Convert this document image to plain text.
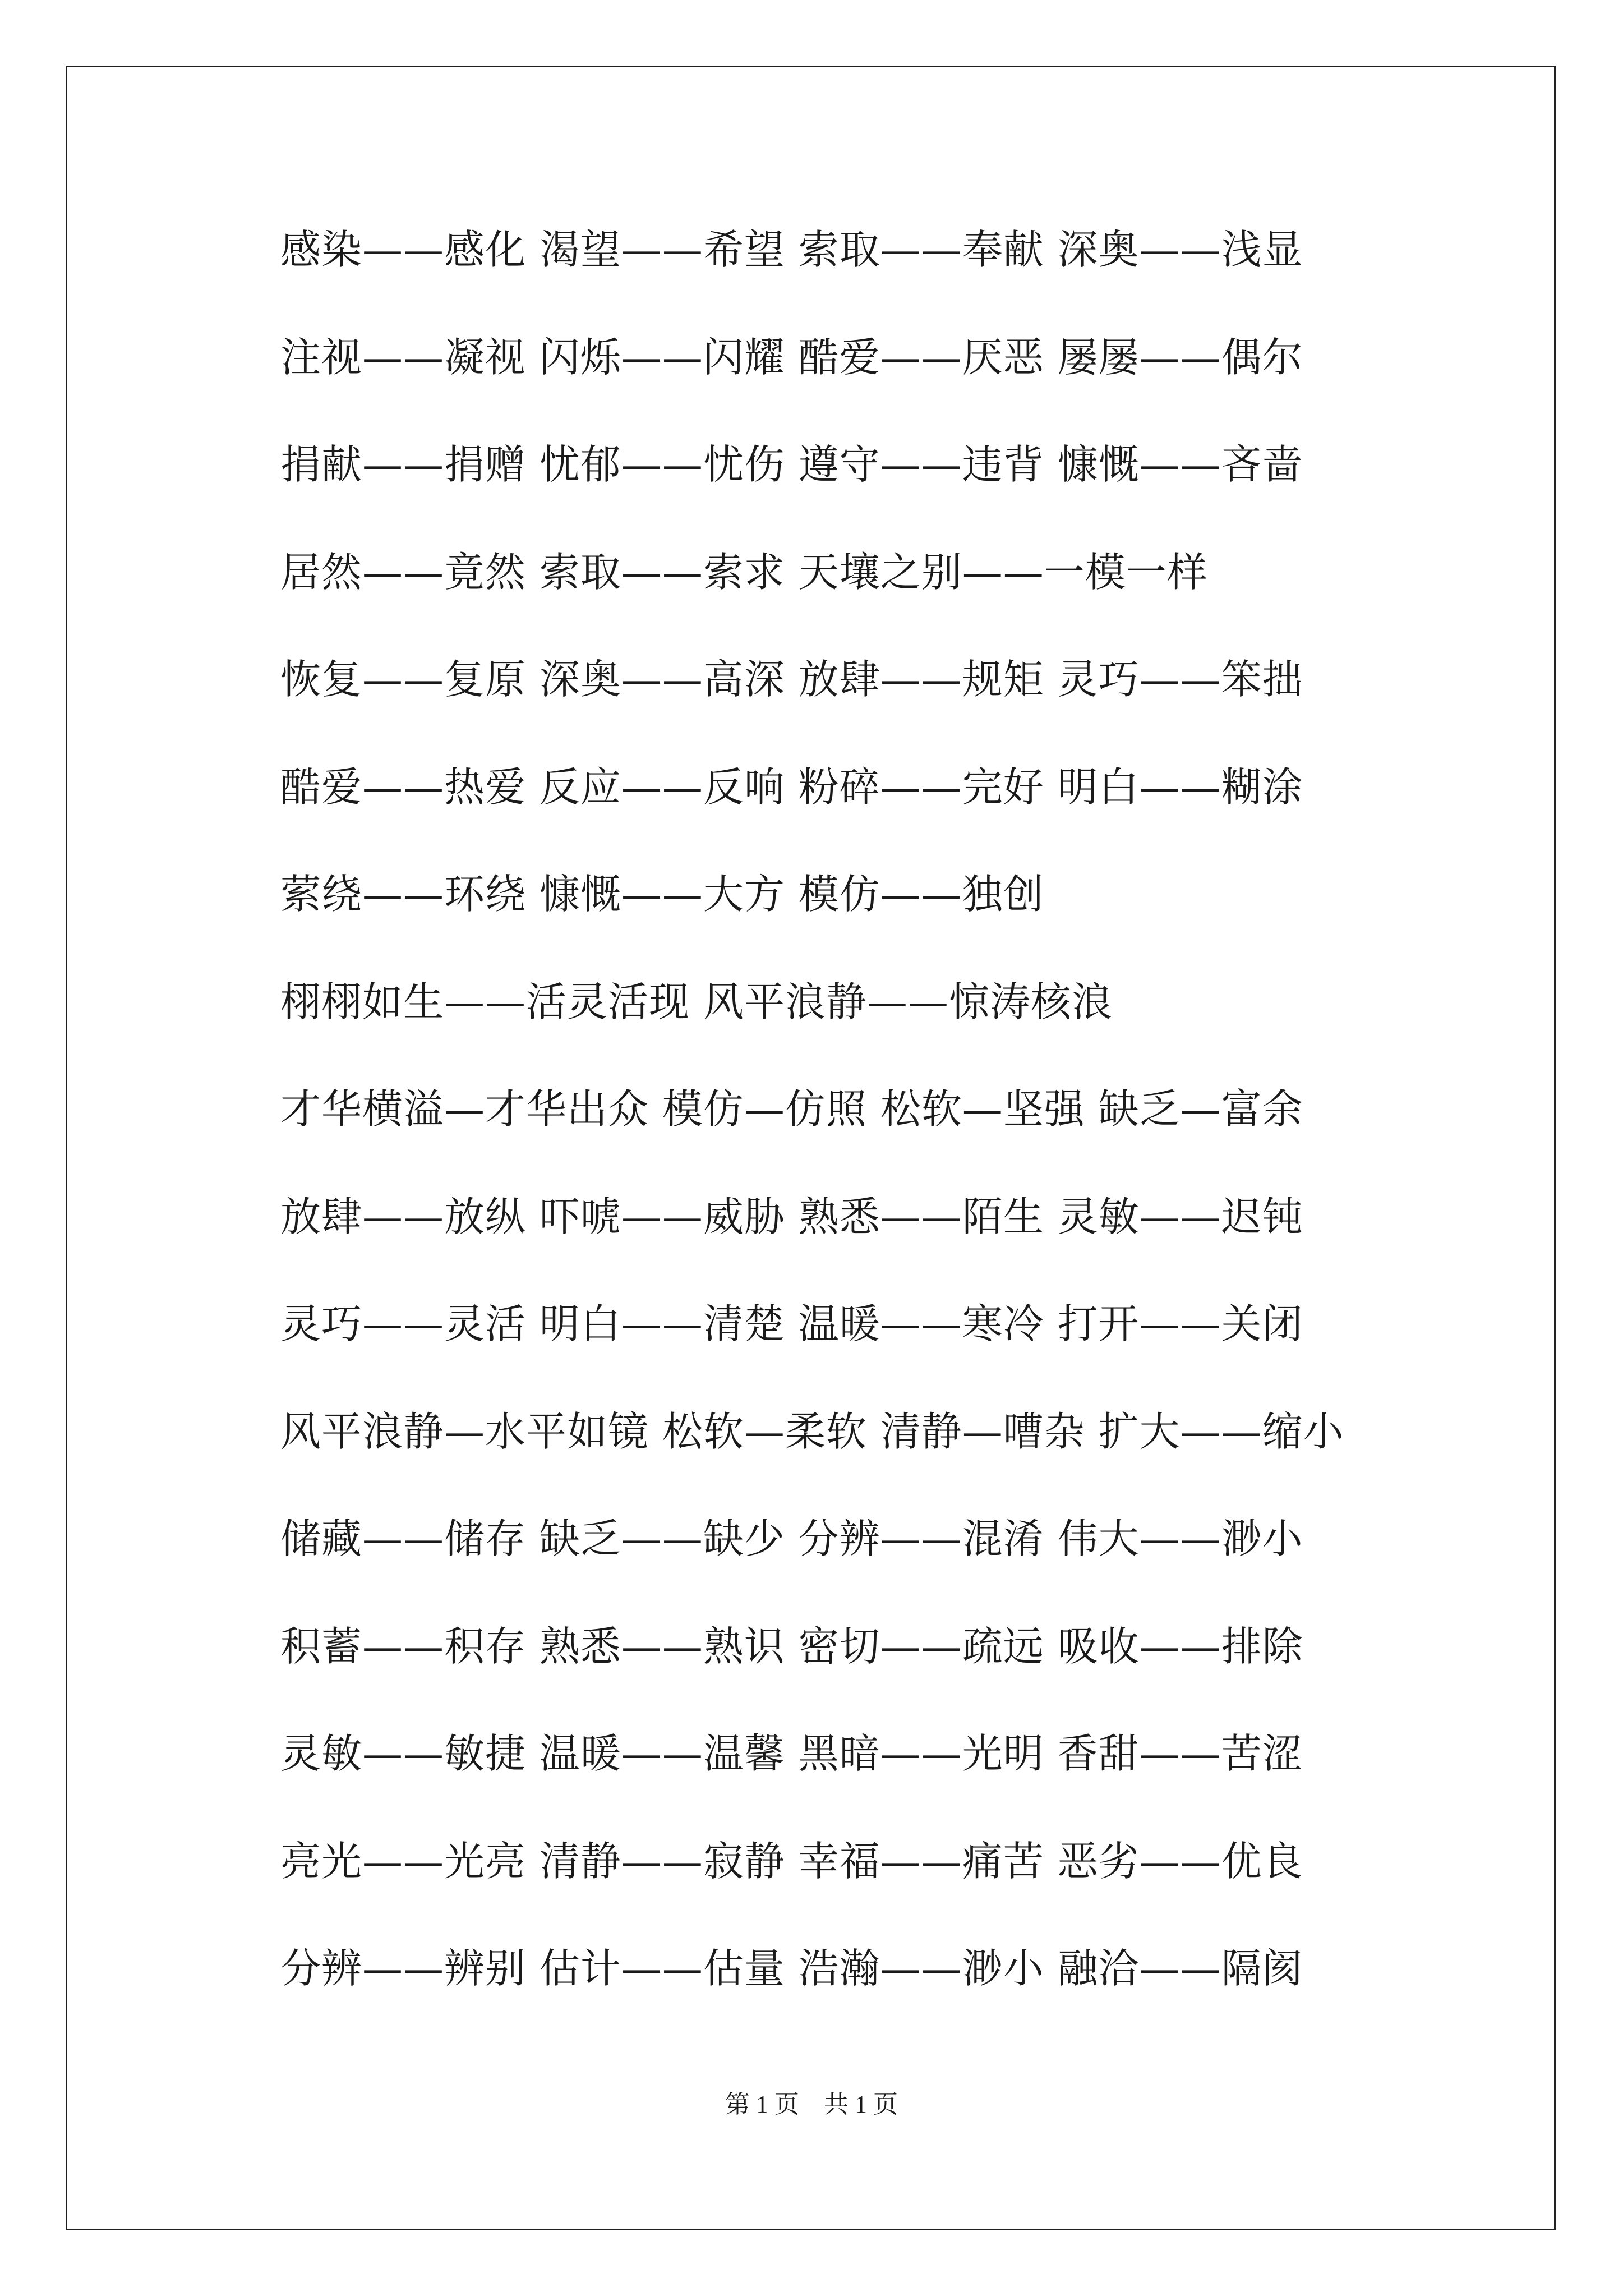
感染——感化 渴望——希望 索取——奉献 深奥——浅显
注视——凝视 闪烁——闪耀 酷爱——厌恶 屡屡——偶尔
捐献——捐赠 忧郁——忧伤 遵守——违背 慷慨——吝啬
居然——竟然 索取——索求 天壤之别——一模一样
恢复——复原 深奥——高深 放肆——规矩 灵巧——笨拙
酷爱——热爱 反应——反响 粉碎——完好 明白——糊涂
萦绕——环绕 慷慨——大方 模仿——独创
栩栩如生——活灵活现 风平浪静——惊涛核浪
才华横溢—才华出众 模仿—仿照 松软—坚强 缺乏—富余
放肆——放纵 吓唬——威胁 熟悉——陌生 灵敏——迟钝
灵巧——灵活 明白——清楚 温暖——寒冷 打开——关闭
风平浪静—水平如镜 松软—柔软 清静—嘈杂 扩大——缩小
储藏——储存 缺乏——缺少 分辨——混淆 伟大——渺小
积蓄——积存 熟悉——熟识 密切——疏远 吸收——排除
灵敏——敏捷 温暖——温馨 黑暗——光明 香甜——苦涩
亮光——光亮 清静——寂静 幸福——痛苦 恶劣——优良
分辨——辨别 估计——估量 浩瀚——渺小 融洽——隔阂
第 1 页 共 1 页
